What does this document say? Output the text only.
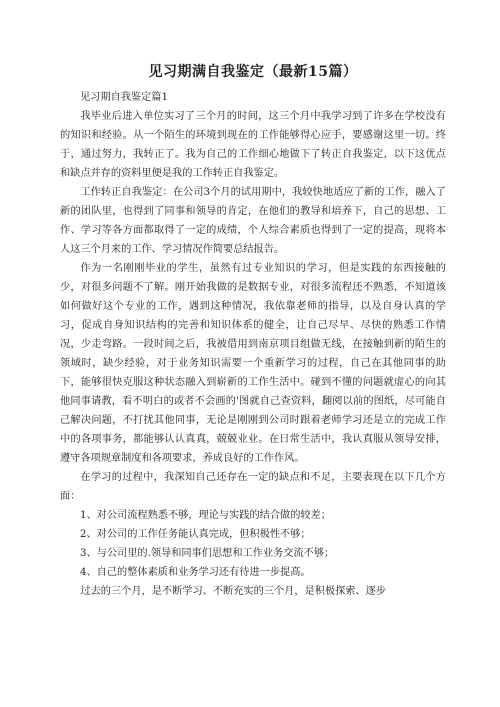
见习期满自我鉴定（最新15篇）

见习期自我鉴定篇1

我毕业后进入单位实习了三个月的时间，这三个月中我学习到了许多在学校没有的知识和经验。从一个陌生的环境到现在的工作能够得心应手，要感谢这里一切。终于，通过努力，我转正了。我为自己的工作细心地做下了转正自我鉴定，以下这优点和缺点并存的资料里便是我的工作转正自我鉴定。

工作转正自我鉴定：在公司3个月的试用期中，我较快地适应了新的工作，融入了新的团队里，也得到了同事和领导的肯定，在他们的教导和培养下，自己的思想、工作、学习等各方面都取得了一定的成绩，个人综合素质也得到了一定的提高，现将本人这三个月来的工作、学习情况作简要总结报告。

作为一名刚刚毕业的学生，虽然有过专业知识的学习，但是实践的东西接触的少，对很多问题不了解。刚开始我做的是数据专业，对很多流程还不熟悉，不知道该如何做好这个专业的工作，遇到这种情况，我依靠老师的指导，以及自身认真的学习，促成自身知识结构的完善和知识体系的健全，让自己尽早、尽快的熟悉工作情况，少走弯路。一段时间之后，我被借用到南京项目组做无线，在接触到新的陌生的领域时，缺少经验，对于业务知识需要一个重新学习的过程，自己在其他同事的助下，能够很快克服这种状态融入到崭新的工作生活中。碰到不懂的问题就虚心的向其他同事请教，看不明白的或者不会画的'图就自己查资料，翻阅以前的图纸，尽可能自己解决问题，不打扰其他同事，无论是刚刚到公司时跟着老师学习还是立的完成工作中的各项事务，都能够认认真真，兢兢业业。在日常生活中，我认真服从领导安排，遵守各项规章制度和各项要求，养成良好的工作作风。

在学习的过程中，我深知自己还存在一定的缺点和不足，主要表现在以下几个方面：

1、对公司流程熟悉不够，理论与实践的结合做的较差；

2、对公司的工作任务能认真完成，但积极性不够；

3、与公司里的.领导和同事们思想和工作业务交流不够；

4、自己的整体素质和业务学习还有待进一步提高。

过去的三个月，是不断学习、不断充实的三个月，是积极探索、逐步
